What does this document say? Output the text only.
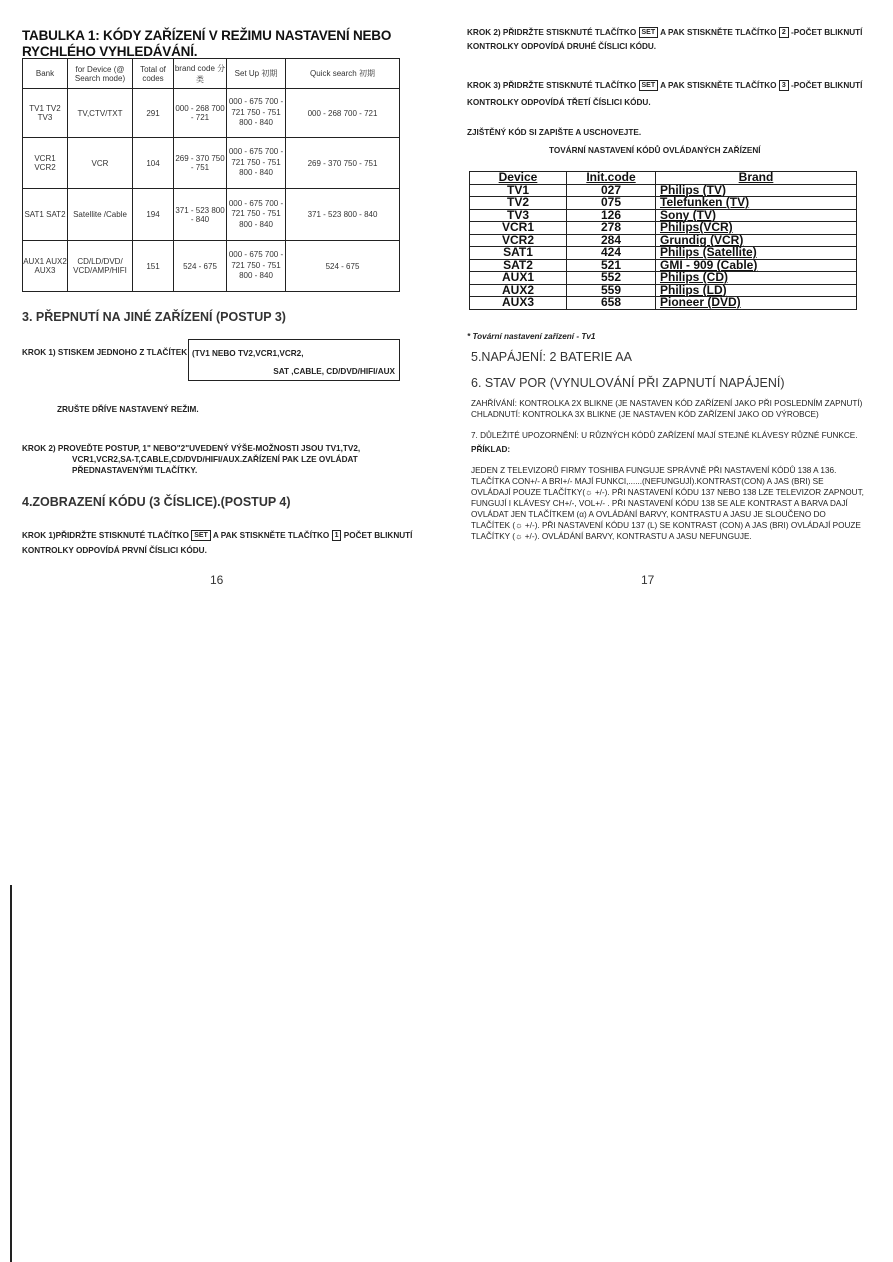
TABULKA 1: KÓDY ZAŘÍZENÍ V REŽIMU NASTAVENÍ NEBO RYCHLÉHO VYHLEDÁVÁNÍ.
Bank	for Device (@ Search mode)	Total of codes	brand code 分类	Set Up 初期	Quick search 初期
TV1 TV2 TV3	TV,CTV/TXT	291	000 - 268 700 - 721	000 - 675 700 - 721 750 - 751 800 - 840	000 - 268 700 - 721
VCR1 VCR2	VCR	104	269 - 370 750 - 751	000 - 675 700 - 721 750 - 751 800 - 840	269 - 370 750 - 751
SAT1 SAT2	Satellite /Cable	194	371 - 523 800 - 840	000 - 675 700 - 721 750 - 751 800 - 840	371 - 523 800 - 840
AUX1 AUX2 AUX3	CD/LD/DVD/ VCD/AMP/HIFI	151	524 - 675	000 - 675 700 - 721 750 - 751 800 - 840	524 - 675
3. PŘEPNUTÍ NA JINÉ ZAŘÍZENÍ (POSTUP 3)
KROK 1) STISKEM JEDNOHO Z TLAČÍTEK (TV1 NEBO TV2,VCR1,VCR2,
SAT ,CABLE, CD/DVD/HIFI/AUX
ZRUŠTE DŘÍVE NASTAVENÝ REŽIM.
KROK 2) PROVEĎTE POSTUP, 1" NEBO"2"UVEDENÝ VÝŠE-MOŽNOSTI JSOU TV1,TV2,
VCR1,VCR2,SA-T,CABLE,CD/DVD/HIFI/AUX.ZAŘÍZENÍ PAK LZE OVLÁDAT
PŘEDNASTAVENÝMI TLAČÍTKY.
4.ZOBRAZENÍ KÓDU (3 ČÍSLICE).(POSTUP 4)
KROK 1)PŘIDRŽTE STISKNUTÉ TLAČÍTKO SET A PAK STISKNĚTE TLAČÍTKO 1 POČET BLIKNUTÍ
KONTROLKY ODPOVÍDÁ PRVNÍ ČÍSLICI KÓDU.
16
KROK 2) PŘIDRŽTE STISKNUTÉ TLAČÍTKO SET A PAK STISKNĚTE TLAČÍTKO 2 -POČET BLIKNUTÍ
KONTROLKY ODPOVÍDÁ DRUHÉ ČÍSLICI KÓDU.
KROK 3) PŘIDRŽTE STISKNUTÉ TLAČÍTKO SET A PAK STISKNĚTE TLAČÍTKO 3 -POČET BLIKNUTÍ
KONTROLKY ODPOVÍDÁ TŘETÍ ČÍSLICI KÓDU.
ZJIŠTĚNÝ KÓD SI ZAPIŠTE A USCHOVEJTE.
TOVÁRNÍ NASTAVENÍ KÓDŮ OVLÁDANÝCH ZAŘÍZENÍ
Device	Init.code	Brand
TV1	027	Philips (TV)
TV2	075	Telefunken (TV)
TV3	126	Sony (TV)
VCR1	278	Philips(VCR)
VCR2	284	Grundig (VCR)
SAT1	424	Philips (Satellite)
SAT2	521	GMI - 909 (Cable)
AUX1	552	Philips (CD)
AUX2	559	Philips (LD)
AUX3	658	Pioneer (DVD)
* Tovární nastavení zařízení - Tv1
5.NAPÁJENÍ: 2 BATERIE AA
6. STAV POR (VYNULOVÁNÍ PŘI ZAPNUTÍ NAPÁJENÍ)
ZAHŘÍVÁNÍ: KONTROLKA 2X BLIKNE (JE NASTAVEN KÓD ZAŘÍZENÍ JAKO PŘI POSLEDNÍM ZAPNUTÍ)
CHLADNUTÍ: KONTROLKA 3X BLIKNE (JE NASTAVEN KÓD ZAŘÍZENÍ JAKO OD VÝROBCE)
7. DŮLEŽITÉ UPOZORNĚNÍ: U RŮZNÝCH KÓDŮ ZAŘÍZENÍ MAJÍ STEJNÉ KLÁVESY RŮZNÉ FUNKCE.
PŘÍKLAD:
JEDEN Z TELEVIZORŮ FIRMY TOSHIBA FUNGUJE SPRÁVNĚ PŘI NASTAVENÍ KÓDŮ 138 A 136.
TLAČÍTKA CON+/- A BRI+/- MAJÍ FUNKCI,......(NEFUNGUJÍ).KONTRAST(CON) A JAS (BRI) SE
OVLÁDAJÍ POUZE TLAČÍTKY(☼ +/-). PŘI NASTAVENÍ KÓDU 137 NEBO 138 LZE TELEVIZOR ZAPNOUT,
FUNGUJÍ I KLÁVESY CH+/-, VOL+/- . PŘI NASTAVENÍ KÓDU 138 SE ALE KONTRAST A BARVA DAJÍ
OVLÁDAT JEN TLAČÍTKEM (α) A OVLÁDÁNÍ BARVY, KONTRASTU A JASU JE SLOUČENO DO
TLAČÍTEK (☼ +/-). PŘI NASTAVENÍ KÓDU 137 (L) SE KONTRAST (CON) A JAS (BRI) OVLÁDAJÍ POUZE
TLAČÍTKY (☼ +/-). OVLÁDÁNÍ BARVY, KONTRASTU A JASU NEFUNGUJE.
17
